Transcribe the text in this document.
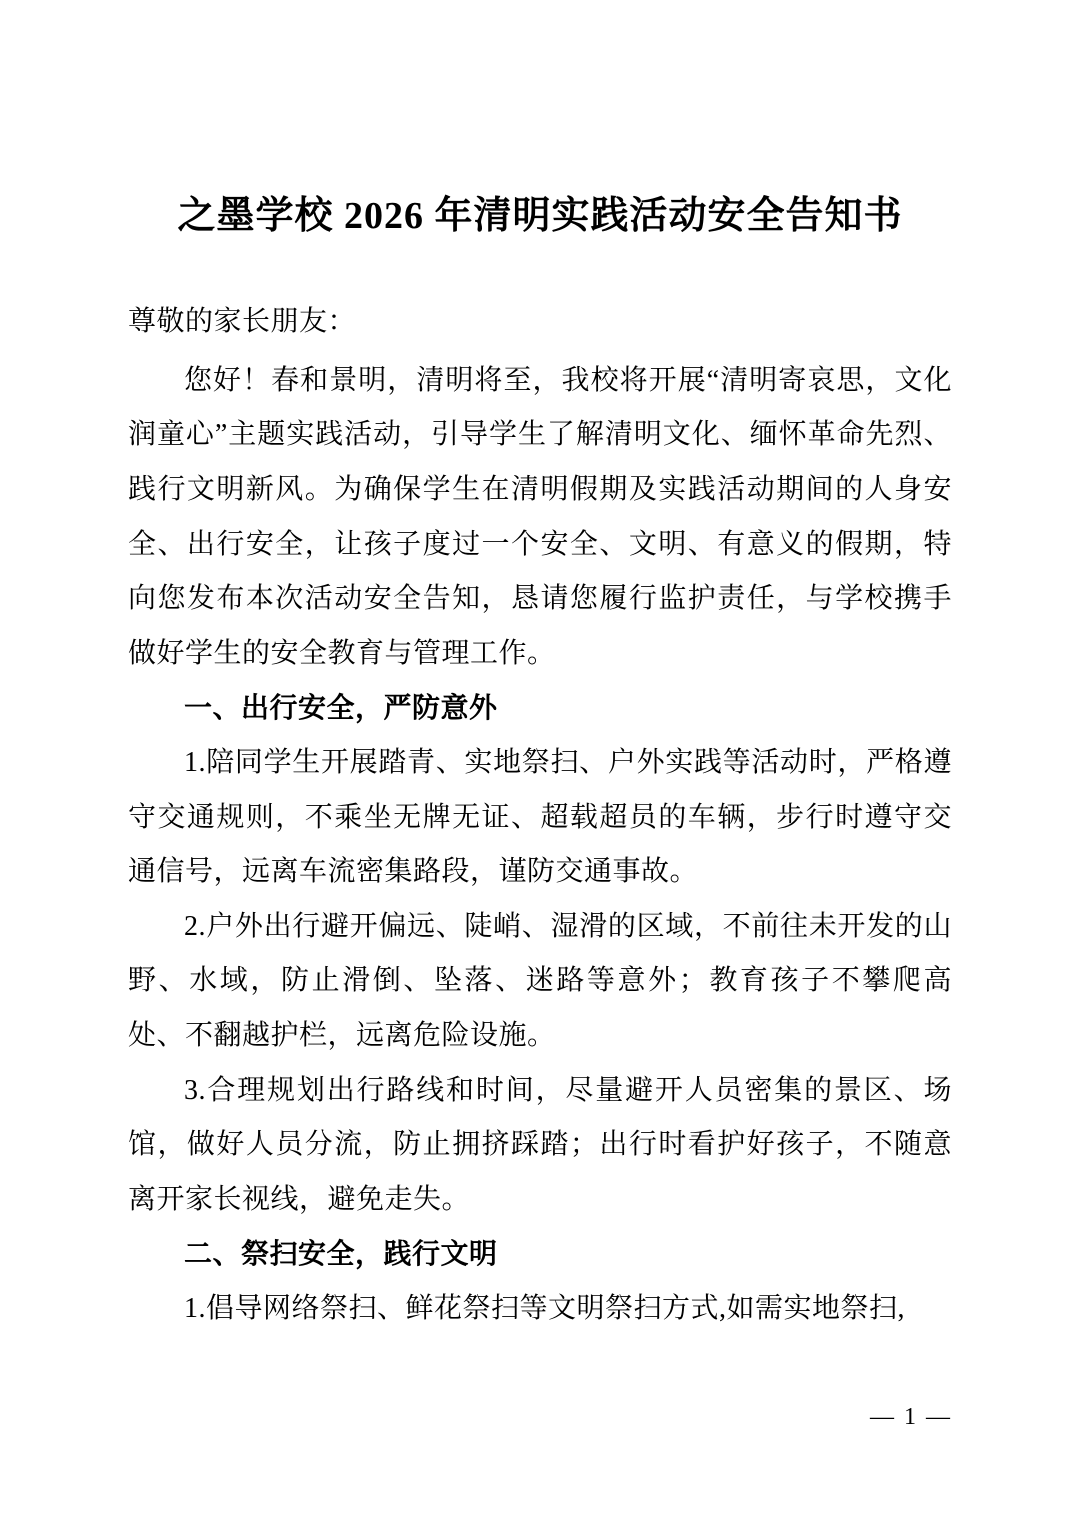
之墨学校 2026 年清明实践活动安全告知书

尊敬的家长朋友：

您好！春和景明，清明将至，我校将开展“清明寄哀思，文化润童心”主题实践活动，引导学生了解清明文化、缅怀革命先烈、践行文明新风。为确保学生在清明假期及实践活动期间的人身安全、出行安全，让孩子度过一个安全、文明、有意义的假期，特向您发布本次活动安全告知，恳请您履行监护责任，与学校携手做好学生的安全教育与管理工作。

一、出行安全，严防意外

1.陪同学生开展踏青、实地祭扫、户外实践等活动时，严格遵守交通规则，不乘坐无牌无证、超载超员的车辆，步行时遵守交通信号，远离车流密集路段，谨防交通事故。

2.户外出行避开偏远、陡峭、湿滑的区域，不前往未开发的山野、水域，防止滑倒、坠落、迷路等意外；教育孩子不攀爬高处、不翻越护栏，远离危险设施。

3.合理规划出行路线和时间，尽量避开人员密集的景区、场馆，做好人员分流，防止拥挤踩踏；出行时看护好孩子，不随意离开家长视线，避免走失。

二、祭扫安全，践行文明

1.倡导网络祭扫、鲜花祭扫等文明祭扫方式,如需实地祭扫,

— 1 —
